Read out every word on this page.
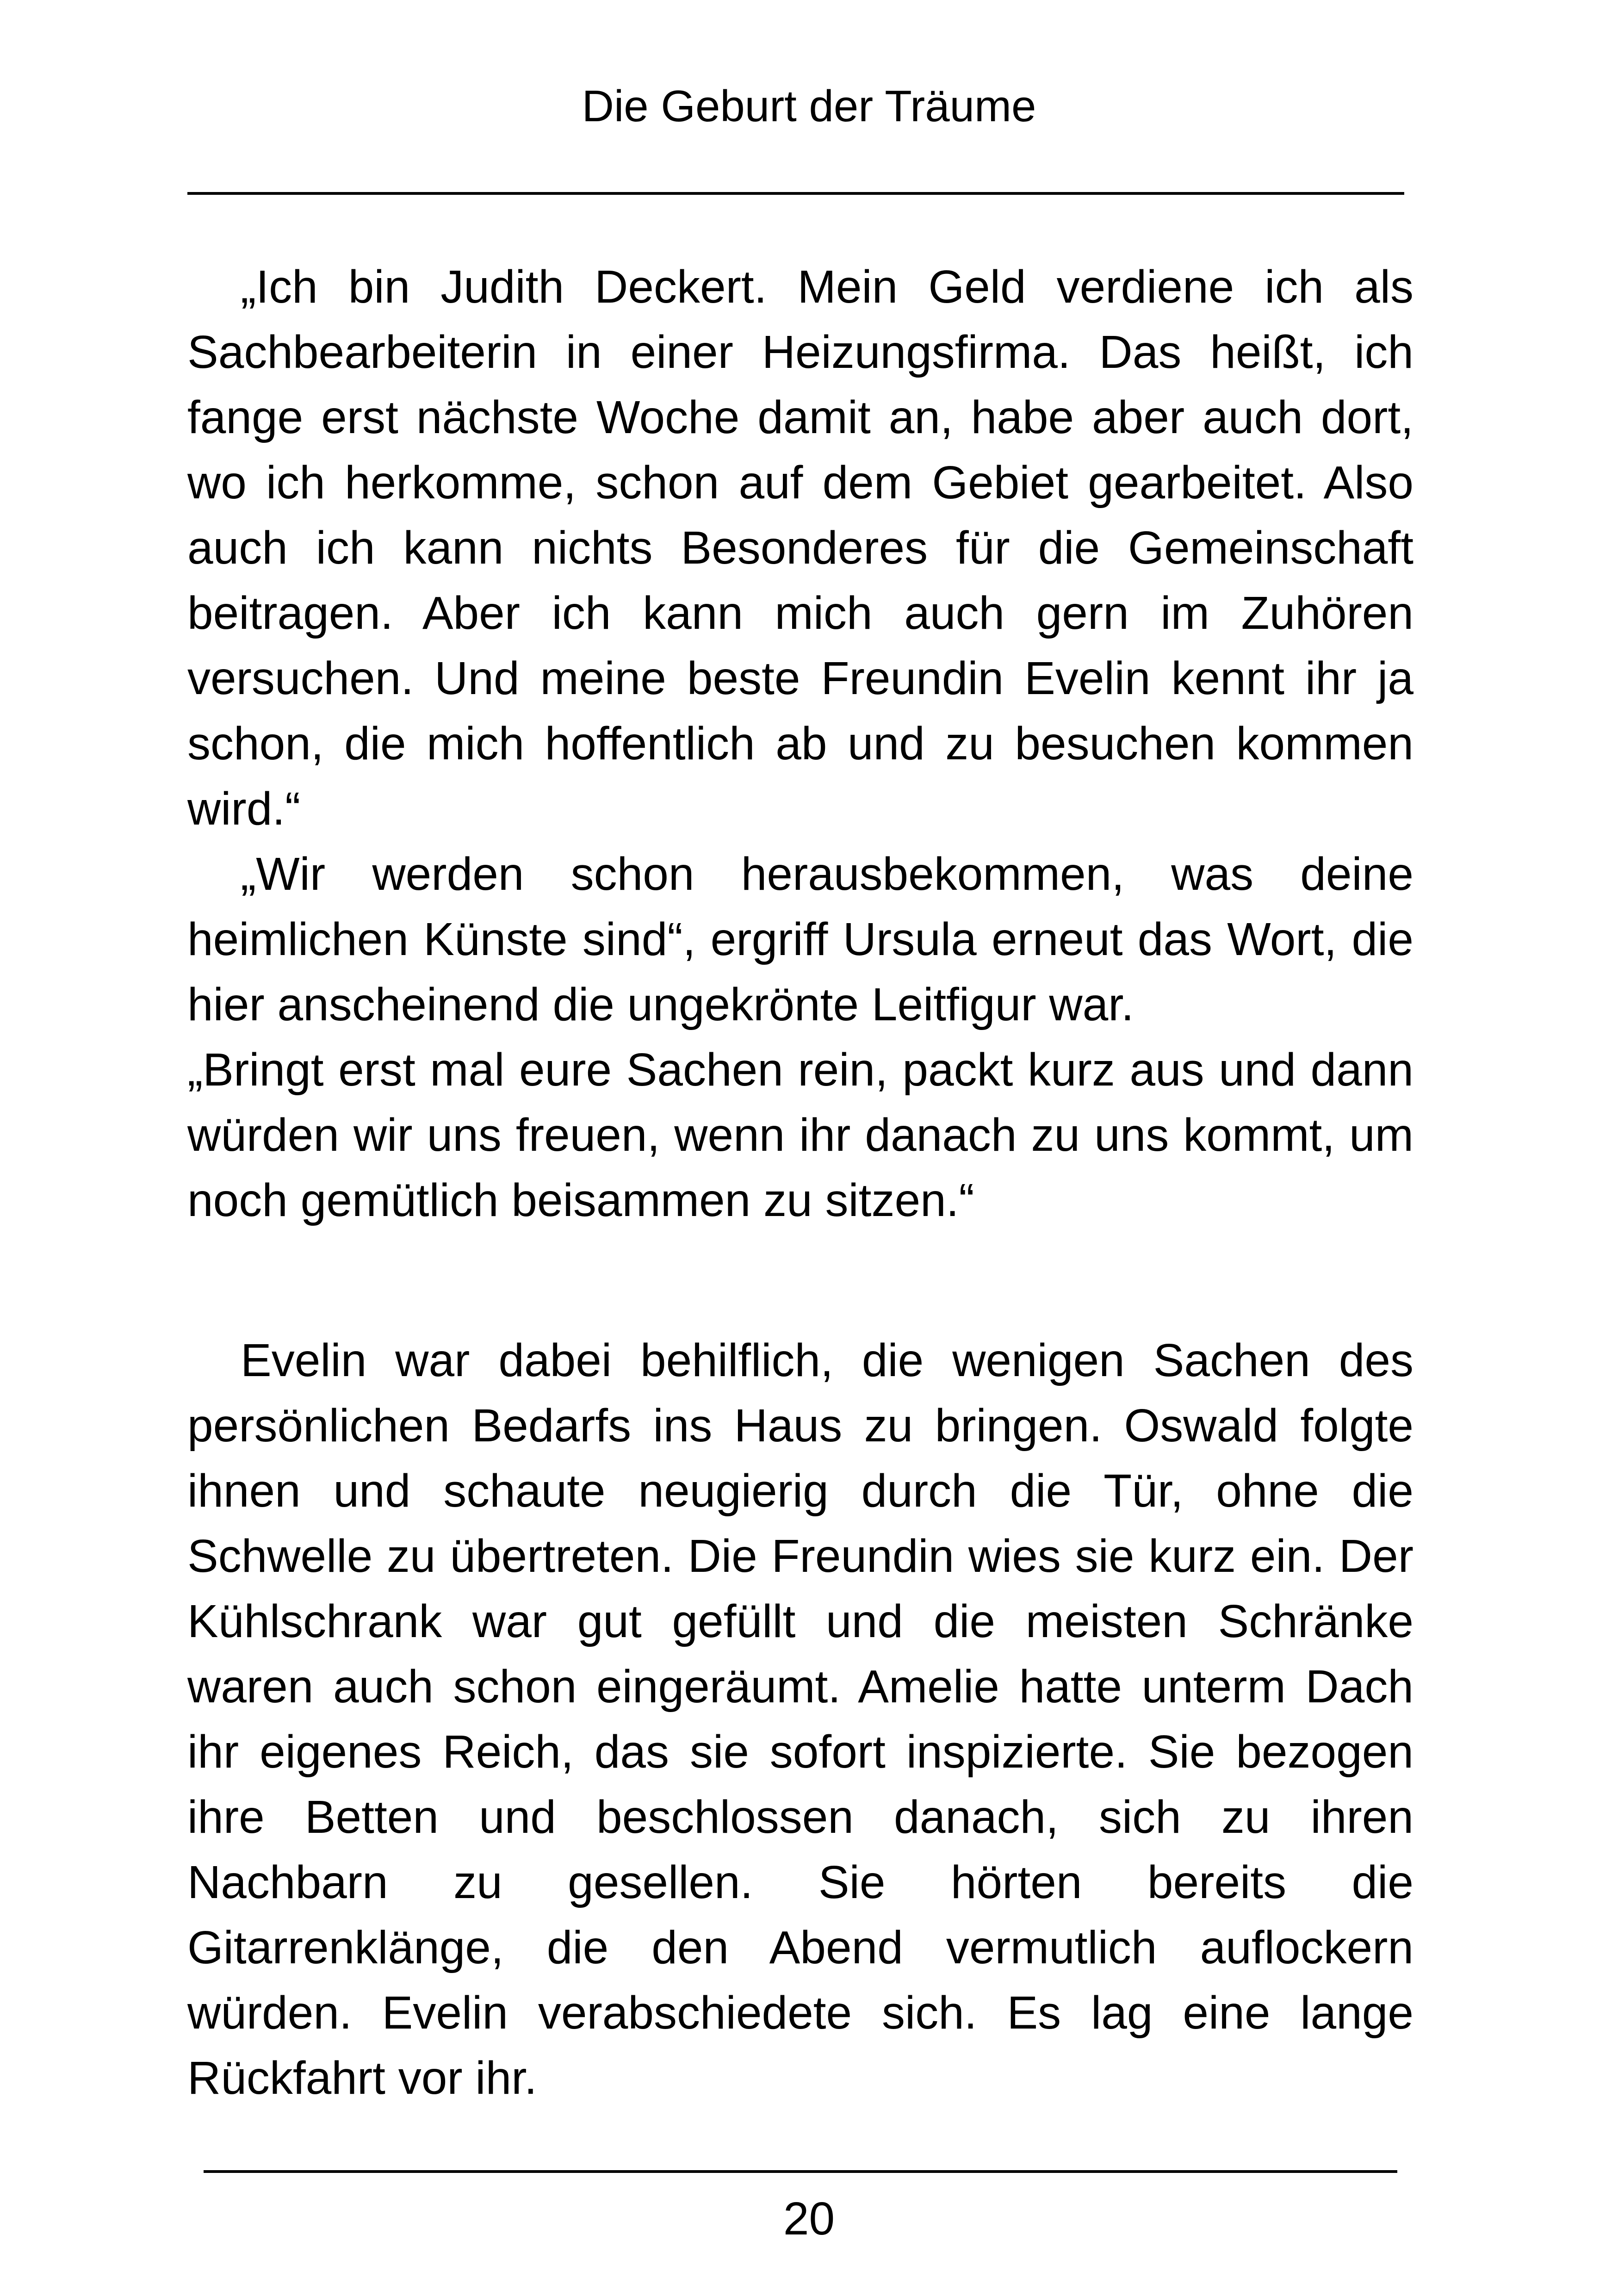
Die Geburt der Träume

„Ich bin Judith Deckert. Mein Geld verdiene ich als Sachbearbeiterin in einer Heizungsfirma. Das heißt, ich fange erst nächste Woche damit an, habe aber auch dort, wo ich herkomme, schon auf dem Gebiet gearbeitet. Also auch ich kann nichts Besonderes für die Gemeinschaft beitragen. Aber ich kann mich auch gern im Zuhören versuchen. Und meine beste Freundin Evelin kennt ihr ja schon, die mich hoffentlich ab und zu besuchen kommen wird.“

„Wir werden schon herausbekommen, was deine heimlichen Künste sind“, ergriff Ursula erneut das Wort, die hier anscheinend die ungekrönte Leitfigur war.

„Bringt erst mal eure Sachen rein, packt kurz aus und dann würden wir uns freuen, wenn ihr danach zu uns kommt, um noch gemütlich beisammen zu sitzen.“

Evelin war dabei behilflich, die wenigen Sachen des persönlichen Bedarfs ins Haus zu bringen. Oswald folgte ihnen und schaute neugierig durch die Tür, ohne die Schwelle zu übertreten. Die Freundin wies sie kurz ein. Der Kühlschrank war gut gefüllt und die meisten Schränke waren auch schon eingeräumt. Amelie hatte unterm Dach ihr eigenes Reich, das sie sofort inspizierte. Sie bezogen ihre Betten und beschlossen danach, sich zu ihren Nachbarn zu gesellen. Sie hörten bereits die Gitarrenklänge, die den Abend vermutlich auflockern würden. Evelin verabschiedete sich. Es lag eine lange Rückfahrt vor ihr.

20
